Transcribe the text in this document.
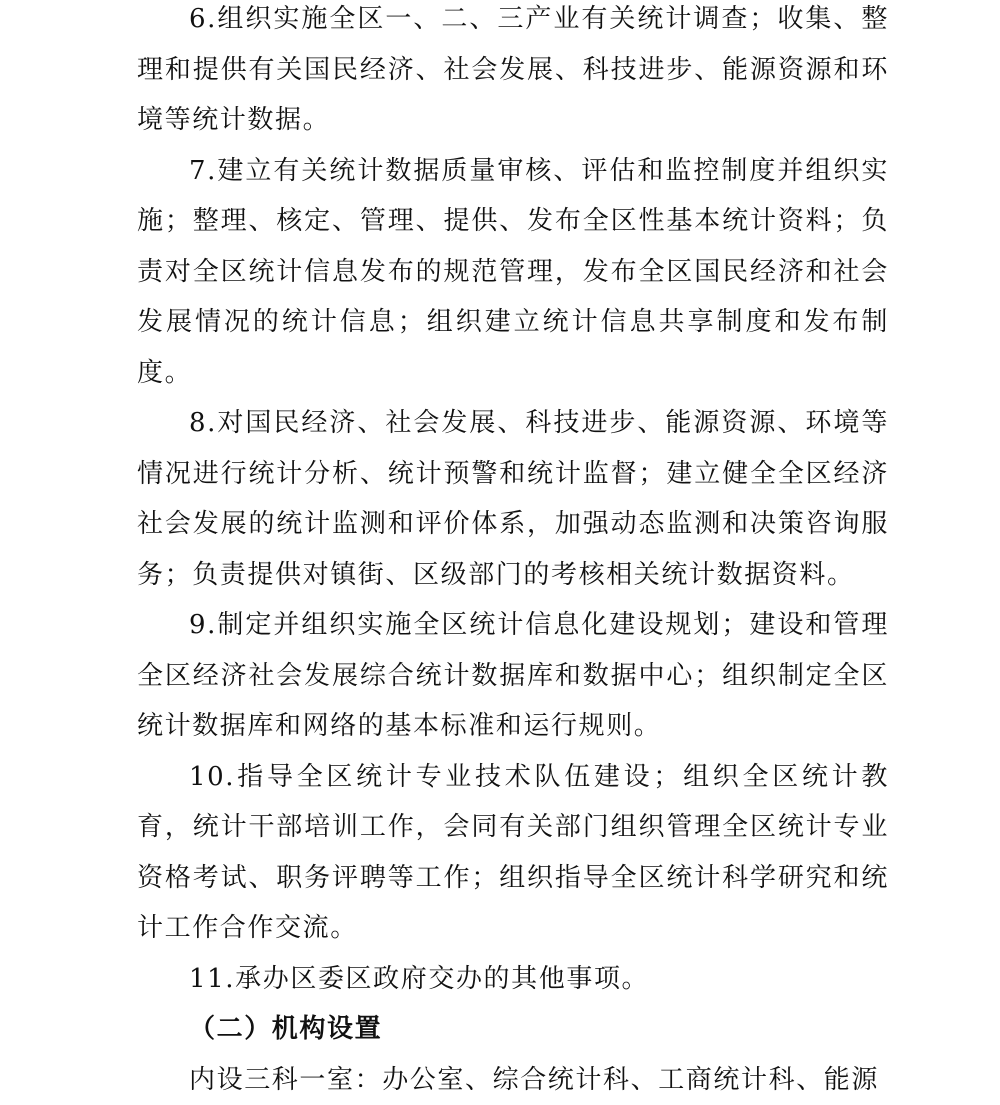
6.组织实施全区一、二、三产业有关统计调查；收集、整理和提供有关国民经济、社会发展、科技进步、能源资源和环境等统计数据。

7.建立有关统计数据质量审核、评估和监控制度并组织实施；整理、核定、管理、提供、发布全区性基本统计资料；负责对全区统计信息发布的规范管理，发布全区国民经济和社会发展情况的统计信息；组织建立统计信息共享制度和发布制度。

8.对国民经济、社会发展、科技进步、能源资源、环境等情况进行统计分析、统计预警和统计监督；建立健全全区经济社会发展的统计监测和评价体系，加强动态监测和决策咨询服务；负责提供对镇街、区级部门的考核相关统计数据资料。

9.制定并组织实施全区统计信息化建设规划；建设和管理全区经济社会发展综合统计数据库和数据中心；组织制定全区统计数据库和网络的基本标准和运行规则。

10.指导全区统计专业技术队伍建设；组织全区统计教育，统计干部培训工作，会同有关部门组织管理全区统计专业资格考试、职务评聘等工作；组织指导全区统计科学研究和统计工作合作交流。

11.承办区委区政府交办的其他事项。

（二）机构设置

内设三科一室：办公室、综合统计科、工商统计科、能源
